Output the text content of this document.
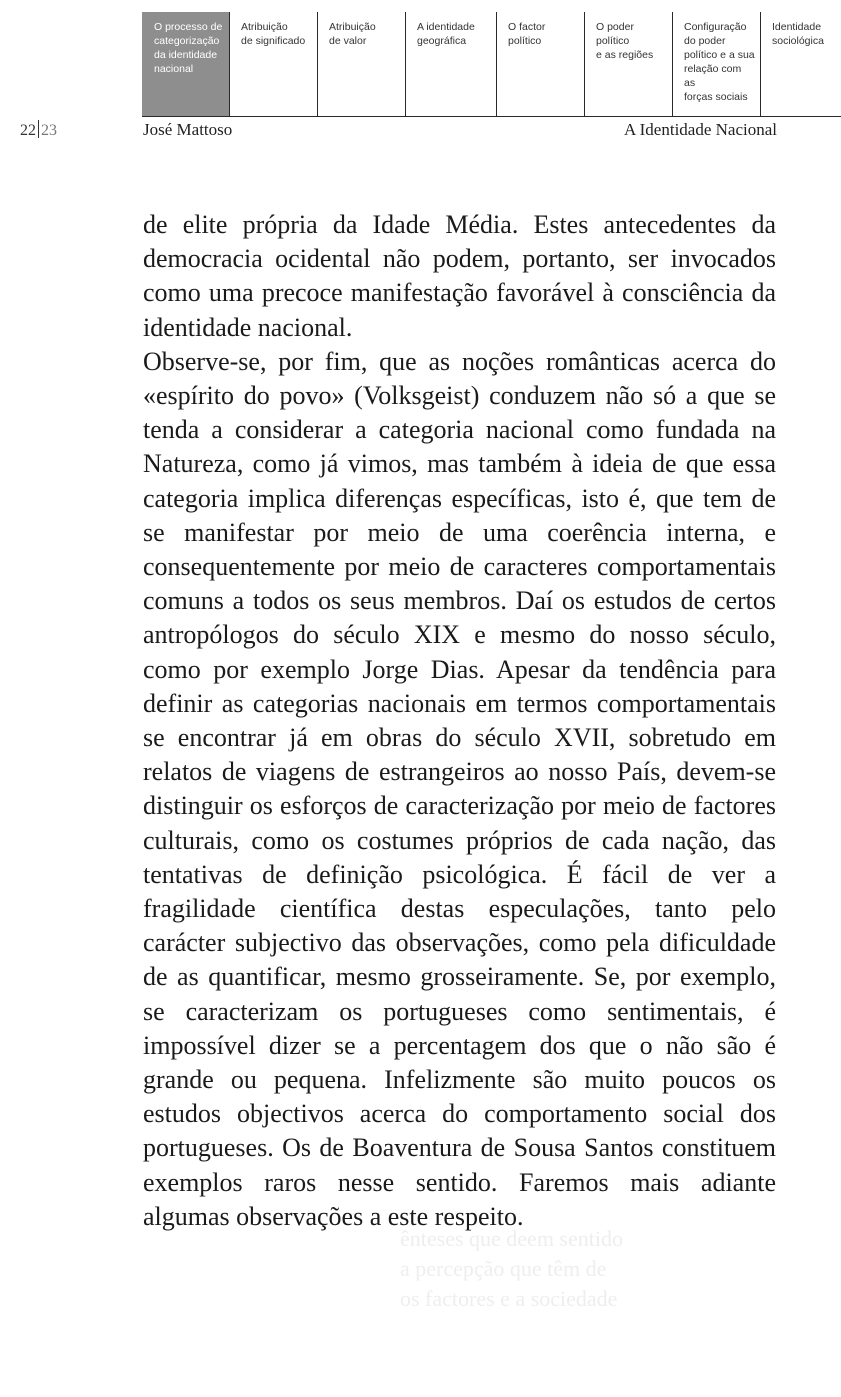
O processo de
categorização
da identidade
nacional
Atribuição
de significado
Atribuição
de valor
A identidade
geográfica
O factor
político
O poder político
e as regiões
Configuração
do poder
político e a sua
relação com as
forças sociais
Identidade
sociológica
22 23	José Mattoso	A Identidade Nacional

de elite própria da Idade Média. Estes antecedentes da democracia ocidental não podem, portanto, ser invocados como uma precoce manifestação favorável à consciência da identidade nacional.

Observe-se, por fim, que as noções românticas acerca do «espírito do povo» (Volksgeist) conduzem não só a que se tenda a considerar a categoria nacional como fundada na Natureza, como já vimos, mas também à ideia de que essa categoria implica diferenças específicas, isto é, que tem de se manifestar por meio de uma coerência interna, e consequentemente por meio de caracteres comportamentais comuns a todos os seus membros. Daí os estudos de certos antropólogos do século XIX e mesmo do nosso século, como por exemplo Jorge Dias. Apesar da tendência para definir as categorias nacionais em termos comportamentais se encontrar já em obras do século XVII, sobretudo em relatos de viagens de estrangeiros ao nosso País, devem-se distinguir os esforços de caracterização por meio de factores culturais, como os costumes próprios de cada nação, das tentativas de definição psicológica. É fácil de ver a fragilidade científica destas especulações, tanto pelo carácter subjectivo das observações, como pela dificuldade de as quantificar, mesmo grosseiramente. Se, por exemplo, se caracterizam os portugueses como sentimentais, é impossível dizer se a percentagem dos que o não são é grande ou pequena. Infelizmente são muito poucos os estudos objectivos acerca do comportamento social dos portugueses. Os de Boaventura de Sousa Santos constituem exemplos raros nesse sentido. Faremos mais adiante algumas observações a este respeito.

ênteses que deem sentido
a percepção que têm de
os factores e a sociedade
